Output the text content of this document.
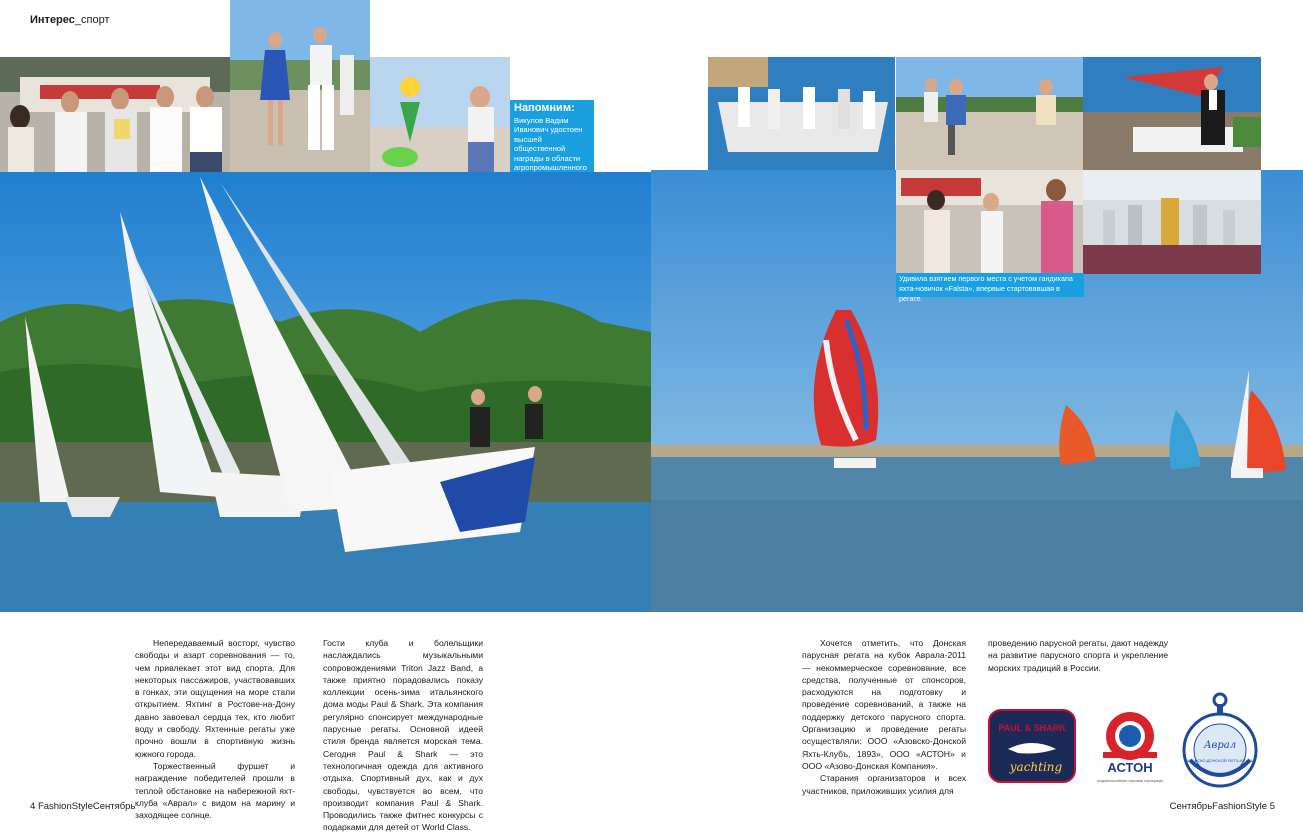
Интерес_спорт
Напомним:
Викулов Вадим Иванович удостоен высшей общественной награды в области агропромышленного
Удивила взятием первого места с учетом гандикапа яхта-новичок «Falsta», впервые стартовавшая в регате.

Непередаваемый восторг, чувство свободы и азарт соревнования — то, чем привлекает этот вид спорта. Для некоторых пассажиров, участвовавших в гонках, эти ощущения на море стали открытием. Яхтинг в Ростове-на-Дону давно завоевал сердца тех, кто любит воду и свободу. Яхтенные регаты уже прочно вошли в спортивную жизнь южного города.

Торжественный фуршет и награждение победителей прошли в теплой обстановке на набережной яхт-клуба «Аврал» с видом на марину и заходящее солнце.

Гости клуба и болельщики наслаждались музыкальными сопровождениями Triton Jazz Band, а также приятно порадовались показу коллекции осень-зима итальянского дома моды Paul & Shark. Эта компания регулярно спонсирует международные парусные регаты. Основной идеей стиля бренда является морская тема. Сегодня Paul & Shark — это технологичная одежда для активного отдыха. Спортивный дух, как и дух свободы, чувствуется во всем, что производит компания Paul & Shark. Проводились также фитнес конкурсы с подарками для детей от World Class.

Хочется отметить, что Донская парусная регата на кубок Аврала-2011 — некоммерческое соревнование, все средства, полученные от спонсоров, расходуются на подготовку и проведение соревнований, а также на поддержку детского парусного спорта. Организацию и проведение регаты осуществляли: ООО «Азовско-Донской Яхть-Клубъ, 1893», ООО «АСТОН» и ООО «Азово-Донская Компания».

Старания организаторов и всех участников, приложивших усилия для

проведению парусной регаты, дают надежду на развитие парусного спорта и укрепление морских традиций в России.

PAUL & SHARK
yachting	АСТОН
продовольственно-торговая корпорация
Аврал
АЗОВСКО-ДОНСКОЙ ЯХТЪ-КЛУБЪ
4 FashionStyleСентябрь	СентябрьFashionStyle 5
